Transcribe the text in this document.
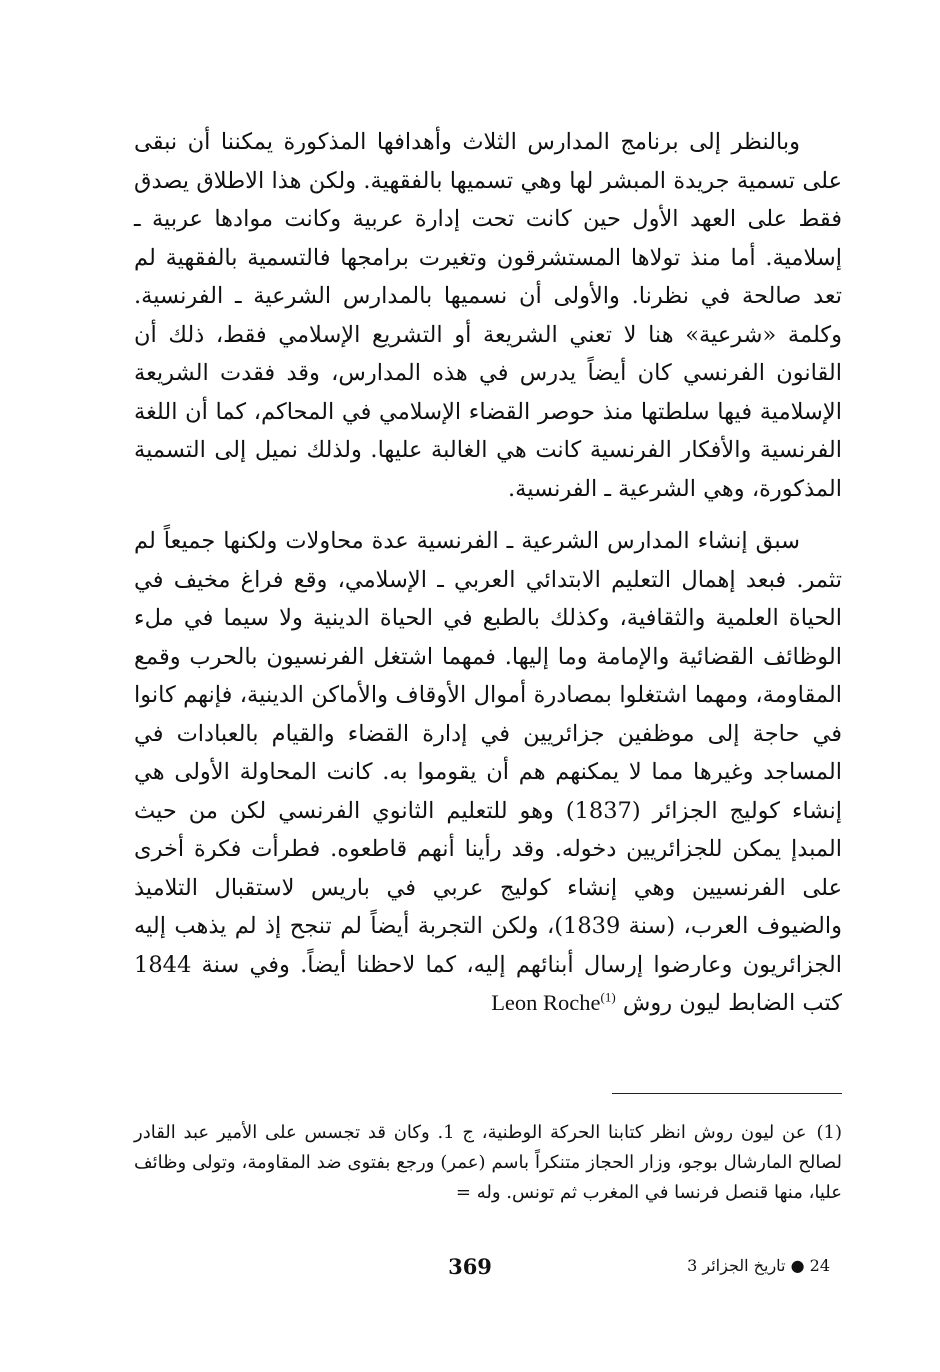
وبالنظر إلى برنامج المدارس الثلاث وأهدافها المذكورة يمكننا أن نبقى على تسمية جريدة المبشر لها وهي تسميها بالفقهية. ولكن هذا الاطلاق يصدق فقط على العهد الأول حين كانت تحت إدارة عربية وكانت موادها عربية ـ إسلامية. أما منذ تولاها المستشرقون وتغيرت برامجها فالتسمية بالفقهية لم تعد صالحة في نظرنا. والأولى أن نسميها بالمدارس الشرعية ـ الفرنسية. وكلمة «شرعية» هنا لا تعني الشريعة أو التشريع الإسلامي فقط، ذلك أن القانون الفرنسي كان أيضاً يدرس في هذه المدارس، وقد فقدت الشريعة الإسلامية فيها سلطتها منذ حوصر القضاء الإسلامي في المحاكم، كما أن اللغة الفرنسية والأفكار الفرنسية كانت هي الغالبة عليها. ولذلك نميل إلى التسمية المذكورة، وهي الشرعية ـ الفرنسية.

سبق إنشاء المدارس الشرعية ـ الفرنسية عدة محاولات ولكنها جميعاً لم تثمر. فبعد إهمال التعليم الابتدائي العربي ـ الإسلامي، وقع فراغ مخيف في الحياة العلمية والثقافية، وكذلك بالطبع في الحياة الدينية ولا سيما في ملء الوظائف القضائية والإمامة وما إليها. فمهما اشتغل الفرنسيون بالحرب وقمع المقاومة، ومهما اشتغلوا بمصادرة أموال الأوقاف والأماكن الدينية، فإنهم كانوا في حاجة إلى موظفين جزائريين في إدارة القضاء والقيام بالعبادات في المساجد وغيرها مما لا يمكنهم هم أن يقوموا به. كانت المحاولة الأولى هي إنشاء كوليج الجزائر (1837) وهو للتعليم الثانوي الفرنسي لكن من حيث المبدإ يمكن للجزائريين دخوله. وقد رأينا أنهم قاطعوه. فطرأت فكرة أخرى على الفرنسيين وهي إنشاء كوليج عربي في باريس لاستقبال التلاميذ والضيوف العرب، (سنة 1839)، ولكن التجربة أيضاً لم تنجح إذ لم يذهب إليه الجزائريون وعارضوا إرسال أبنائهم إليه، كما لاحظنا أيضاً. وفي سنة 1844 كتب الضابط ليون روش Leon Roche$^{(1)}$

(1)عن ليون روش انظر كتابنا الحركة الوطنية، ج 1. وكان قد تجسس على الأمير عبد القادر لصالح المارشال بوجو، وزار الحجاز متنكراً باسم (عمر) ورجع بفتوى ضد المقاومة، وتولى وظائف عليا، منها قنصل فرنسا في المغرب ثم تونس. وله =
369	24 ● تاريخ الجزائر 3
